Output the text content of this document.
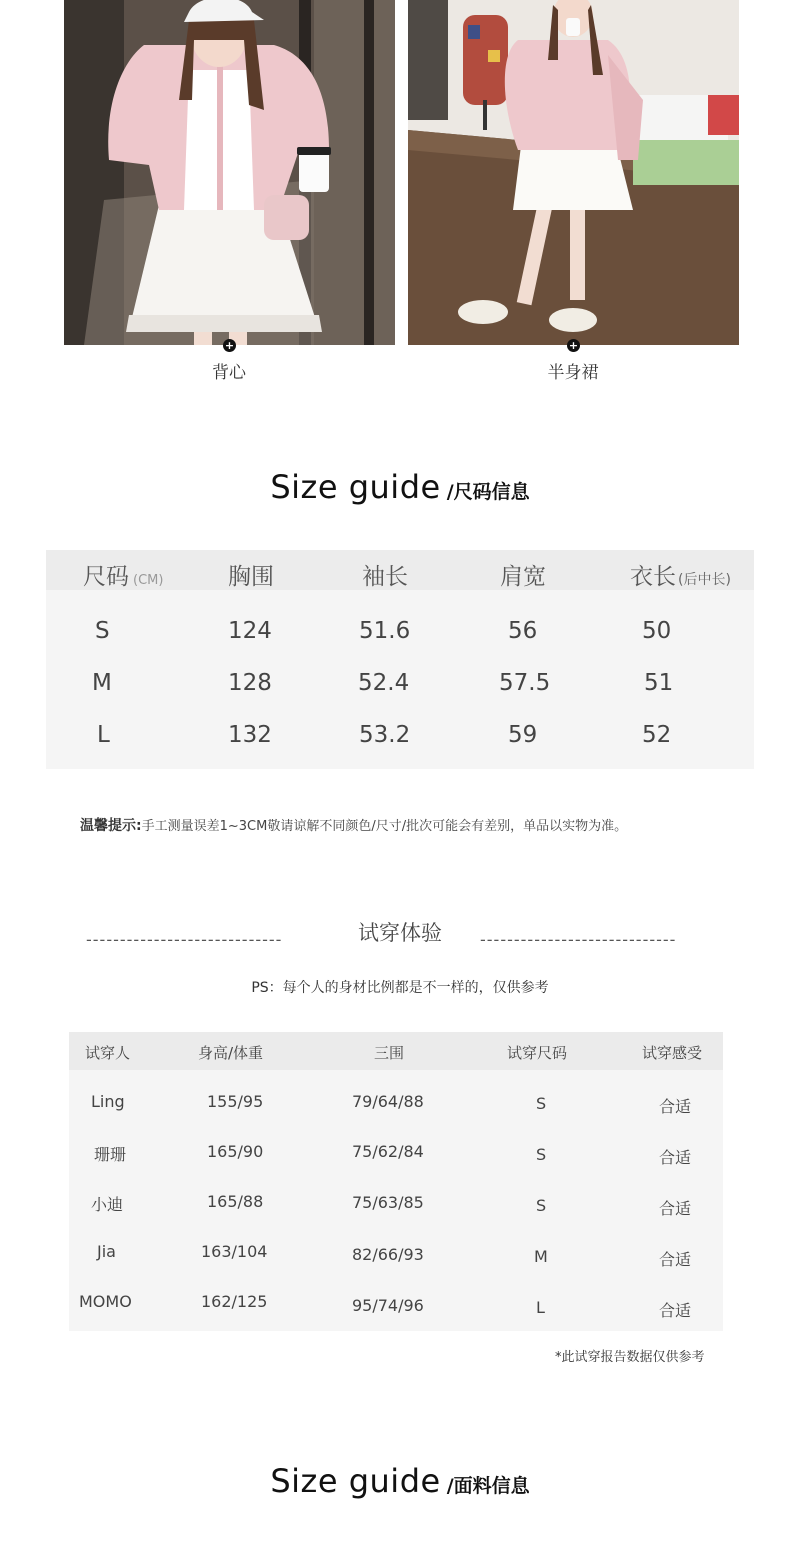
+	+
背心	半身裙
Size guide /尺码信息
尺码 (CM)	胸围	袖长	肩宽	衣长 (后中长)
S	124	51.6	56	50
M	128	52.4	57.5	51
L	132	53.2	59	52
温馨提示:手工测量误差1~3CM敬请谅解不同颜色/尺寸/批次可能会有差别，单品以实物为准。
-----------------------------	试穿体验	-----------------------------
PS：每个人的身材比例都是不一样的，仅供参考
试穿人	身高/体重	三围	试穿尺码	试穿感受
Ling	155/95	79/64/88	S	合适
珊珊	165/90	75/62/84	S	合适
小迪	165/88	75/63/85	S	合适
Jia	163/104	82/66/93	M	合适
MOMO	162/125	95/74/96	L	合适
*此试穿报告数据仅供参考
Size guide /面料信息
